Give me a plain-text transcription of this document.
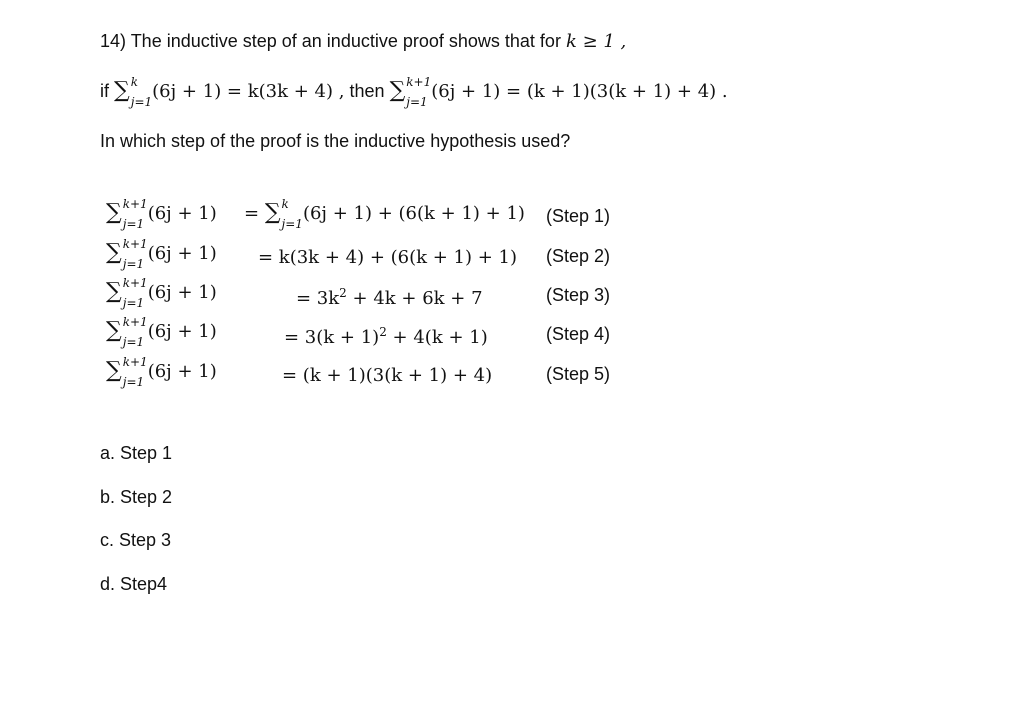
14) The inductive step of an inductive proof shows that for k ≥ 1 ,
if ∑ k
j=1
(6j + 1) = k(3k + 4) , then ∑ k+1
j=1
(6j + 1) = (k + 1)(3(k + 1) + 4) .
In which step of the proof is the inductive hypothesis used?
∑ k+1
j=1
(6j + 1) = ∑ k
j=1 (6j + 1) + (6(k + 1) + 1) (Step 1)
∑ k+1
j=1
(6j + 1) = k(3k + 4) + (6(k + 1) + 1) (Step 2)
∑ k+1
j=1
(6j + 1)	= $3k^2 + 4k + 6k + 7$	(Step 3)
∑ k+1
j=1
(6j + 1)	= $3(k + 1)^2 + 4(k + 1)$	(Step 4)
∑ k+1
j=1
(6j + 1)	= (k + 1)(3(k + 1) + 4)	(Step 5)
a. Step 1
b. Step 2
c. Step 3
d. Step4
